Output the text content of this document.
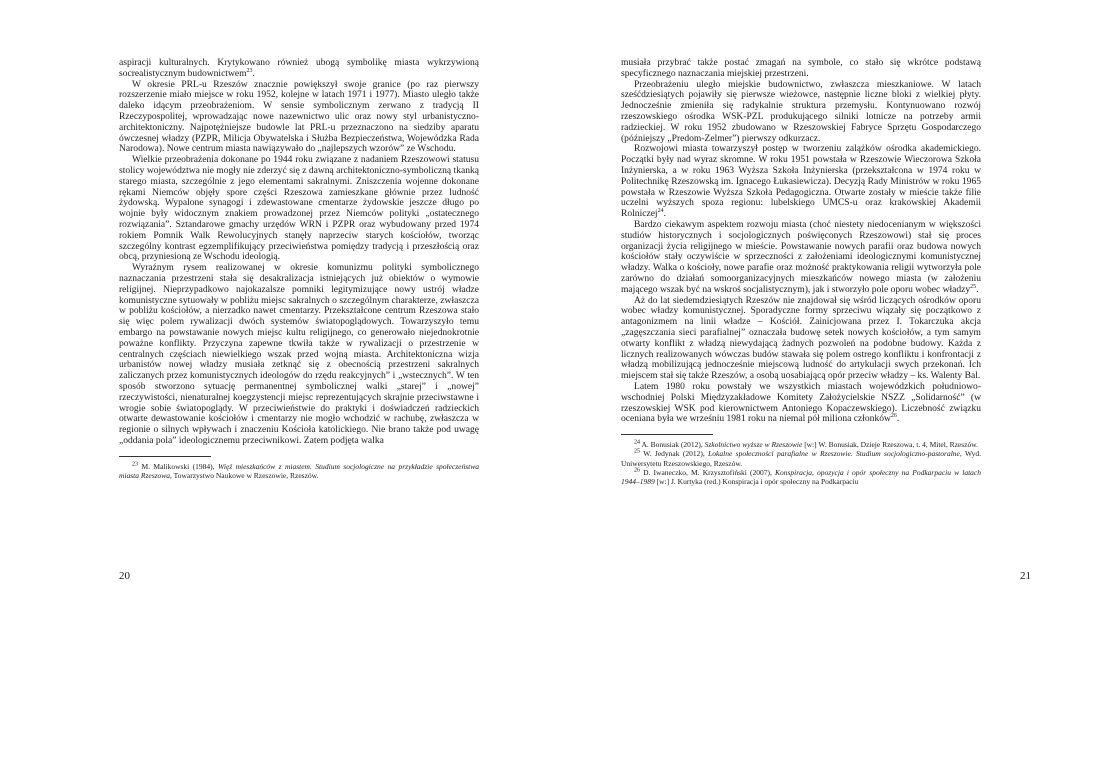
aspiracji kulturalnych. Krytykowano również ubogą symbolikę miasta wykrzywioną socrealistycznym budownictwem$^{23}$.

W okresie PRL-u Rzeszów znacznie powiększył swoje granice (po raz pierwszy rozszerzenie miało miejsce w roku 1952, kolejne w latach 1971 i 1977). Miasto uległo także daleko idącym przeobrażeniom. W sensie symbolicznym zerwano z tradycją II Rzeczypospolitej, wprowadzając nowe nazewnictwo ulic oraz nowy styl urbanistyczno-architektoniczny. Najpotężniejsze budowle lat PRL-u przeznaczono na siedziby aparatu ówczesnej władzy (PZPR, Milicja Obywatelska i Służba Bezpieczeństwa, Wojewódzka Rada Narodowa). Nowe centrum miasta nawiązywało do „najlepszych wzorów” ze Wschodu.

Wielkie przeobrażenia dokonane po 1944 roku związane z nadaniem Rzeszowowi statusu stolicy województwa nie mogły nie zderzyć się z dawną architektoniczno-symboliczną tkanką starego miasta, szczególnie z jego elementami sakralnymi. Zniszczenia wojenne dokonane rękami Niemców objęły spore części Rzeszowa zamieszkane głównie przez ludność żydowską. Wypalone synagogi i zdewastowane cmentarze żydowskie jeszcze długo po wojnie były widocznym znakiem prowadzonej przez Niemców polityki „ostatecznego rozwiązania”. Sztandarowe gmachy urzędów WRN i PZPR oraz wybudowany przed 1974 rokiem Pomnik Walk Rewolucyjnych stanęły naprzeciw starych kościołów, tworząc szczególny kontrast egzemplifikujący przeciwieństwa pomiędzy tradycją i przeszłością oraz obcą, przyniesioną ze Wschodu ideologią.

Wyraźnym rysem realizowanej w okresie komunizmu polityki symbolicznego naznaczania przestrzeni stała się desakralizacja istniejących już obiektów o wymowie religijnej. Nieprzypadkowo najokazalsze pomniki legitymizujące nowy ustrój władze komunistyczne sytuowały w pobliżu miejsc sakralnych o szczególnym charakterze, zwłaszcza w pobliżu kościołów, a nierzadko nawet cmentarzy. Przekształcone centrum Rzeszowa stało się więc polem rywalizacji dwóch systemów światopoglądowych. Towarzyszyło temu embargo na powstawanie nowych miejsc kultu religijnego, co generowało niejednokrotnie poważne konflikty. Przyczyna zapewne tkwiła także w rywalizacji o przestrzenie w centralnych częściach niewielkiego wszak przed wojną miasta. Architektoniczna wizja urbanistów nowej władzy musiała zetknąć się z obecnością przestrzeni sakralnych zaliczanych przez komunistycznych ideologów do rzędu reakcyjnych” i „wstecznych”. W ten sposób stworzono sytuację permanentnej symbolicznej walki „starej” i „nowej” rzeczywistości, nienaturalnej koegzystencji miejsc reprezentujących skrajnie przeciwstawne i wrogie sobie światopoglądy. W przeciwieństwie do praktyki i doświadczeń radzieckich otwarte dewastowanie kościołów i cmentarzy nie mogło wchodzić w rachubę, zwłaszcza w regionie o silnych wpływach i znaczeniu Kościoła katolickiego. Nie brano także pod uwagę „oddania pola” ideologicznemu przeciwnikowi. Zatem podjęta walka

$^{23}$ M. Malikowski (1984), Więź mieszkańców z miastem. Studium socjologiczne na przykładzie społeczeństwa miasta Rzeszowa, Towarzystwo Naukowe w Rzeszowie, Rzeszów.

20

musiała przybrać także postać zmagań na symbole, co stało się wkrótce podstawą specyficznego naznaczania miejskiej przestrzeni.

Przeobrażeniu uległo miejskie budownictwo, zwłaszcza mieszkaniowe. W latach sześćdziesiątych pojawiły się pierwsze wieżowce, następnie liczne bloki z wielkiej płyty. Jednocześnie zmieniła się radykalnie struktura przemysłu. Kontynuowano rozwój rzeszowskiego ośrodka WSK-PZL produkującego silniki lotnicze na potrzeby armii radzieckiej. W roku 1952 zbudowano w Rzeszowskiej Fabryce Sprzętu Gospodarczego (późniejszy „Predom-Zelmer”) pierwszy odkurzacz.

Rozwojowi miasta towarzyszył postęp w tworzeniu zalążków ośrodka akademickiego. Początki były nad wyraz skromne. W roku 1951 powstała w Rzeszowie Wieczorowa Szkoła Inżynierska, a w roku 1963 Wyższa Szkoła Inżynierska (przekształcona w 1974 roku w Politechnikę Rzeszowską im. Ignacego Łukasiewicza). Decyzją Rady Ministrów w roku 1965 powstała w Rzeszowie Wyższa Szkoła Pedagogiczna. Otwarte zostały w mieście także filie uczelni wyższych spoza regionu: lubelskiego UMCS-u oraz krakowskiej Akademii Rolniczej$^{24}$.

Bardzo ciekawym aspektem rozwoju miasta (choć niestety niedocenianym w większości studiów historycznych i socjologicznych poświęconych Rzeszowowi) stał się proces organizacji życia religijnego w mieście. Powstawanie nowych parafii oraz budowa nowych kościołów stały oczywiście w sprzeczności z założeniami ideologicznymi komunistycznej władzy. Walka o kościoły, nowe parafie oraz możność praktykowania religii wytworzyła pole zarówno do działań somoorganizacyjnych mieszkańców nowego miasta (w założeniu mającego wszak być na wskroś socjalistycznym), jak i stworzyło pole oporu wobec władzy$^{25}$.

Aż do lat siedemdziesiątych Rzeszów nie znajdował się wśród liczących ośrodków oporu wobec władzy komunistycznej. Sporadyczne formy sprzeciwu wiązały się początkowo z antagonizmem na linii władze – Kościół. Zainicjowana przez I. Tokarczuka akcja „zagęszczania sieci parafialnej” oznaczała budowę setek nowych kościołów, a tym samym otwarty konflikt z władzą niewydającą żadnych pozwoleń na podobne budowy. Każda z licznych realizowanych wówczas budów stawała się polem ostrego konfliktu i konfrontacji z władzą mobilizującą jednocześnie miejscową ludność do artykulacji swych przekonań. Ich miejscem stał się także Rzeszów, a osobą uosabiającą opór przeciw władzy – ks. Walenty Bal.

Latem 1980 roku powstały we wszystkich miastach wojewódzkich południowo-wschodniej Polski Międzyzakładowe Komitety Założycielskie NSZZ „Solidarność” (w rzeszowskiej WSK pod kierownictwem Antoniego Kopaczewskiego). Liczebność związku oceniana była we wrześniu 1981 roku na niemal pół miliona członków$^{26}$.

$^{24}$ A. Bonusiak (2012), Szkolnictwo wyższe w Rzeszowie [w:] W. Bonusiak, Dzieje Rzeszowa, t. 4, Mitel, Rzeszów.

$^{25}$ W. Jedynak (2012), Lokalne społeczności parafialne w Rzeszowie. Studium socjologiczno-pastoralne, Wyd. Uniwersytetu Rzeszowskiego, Rzeszów.

$^{26}$ D. Iwaneczko, M. Krzysztofiński (2007), Konspiracja, opozycja i opór społeczny na Podkarpaciu w latach 1944–1989 [w:] J. Kurtyka (red.) Konspiracja i opór społeczny na Podkarpaciu

21
